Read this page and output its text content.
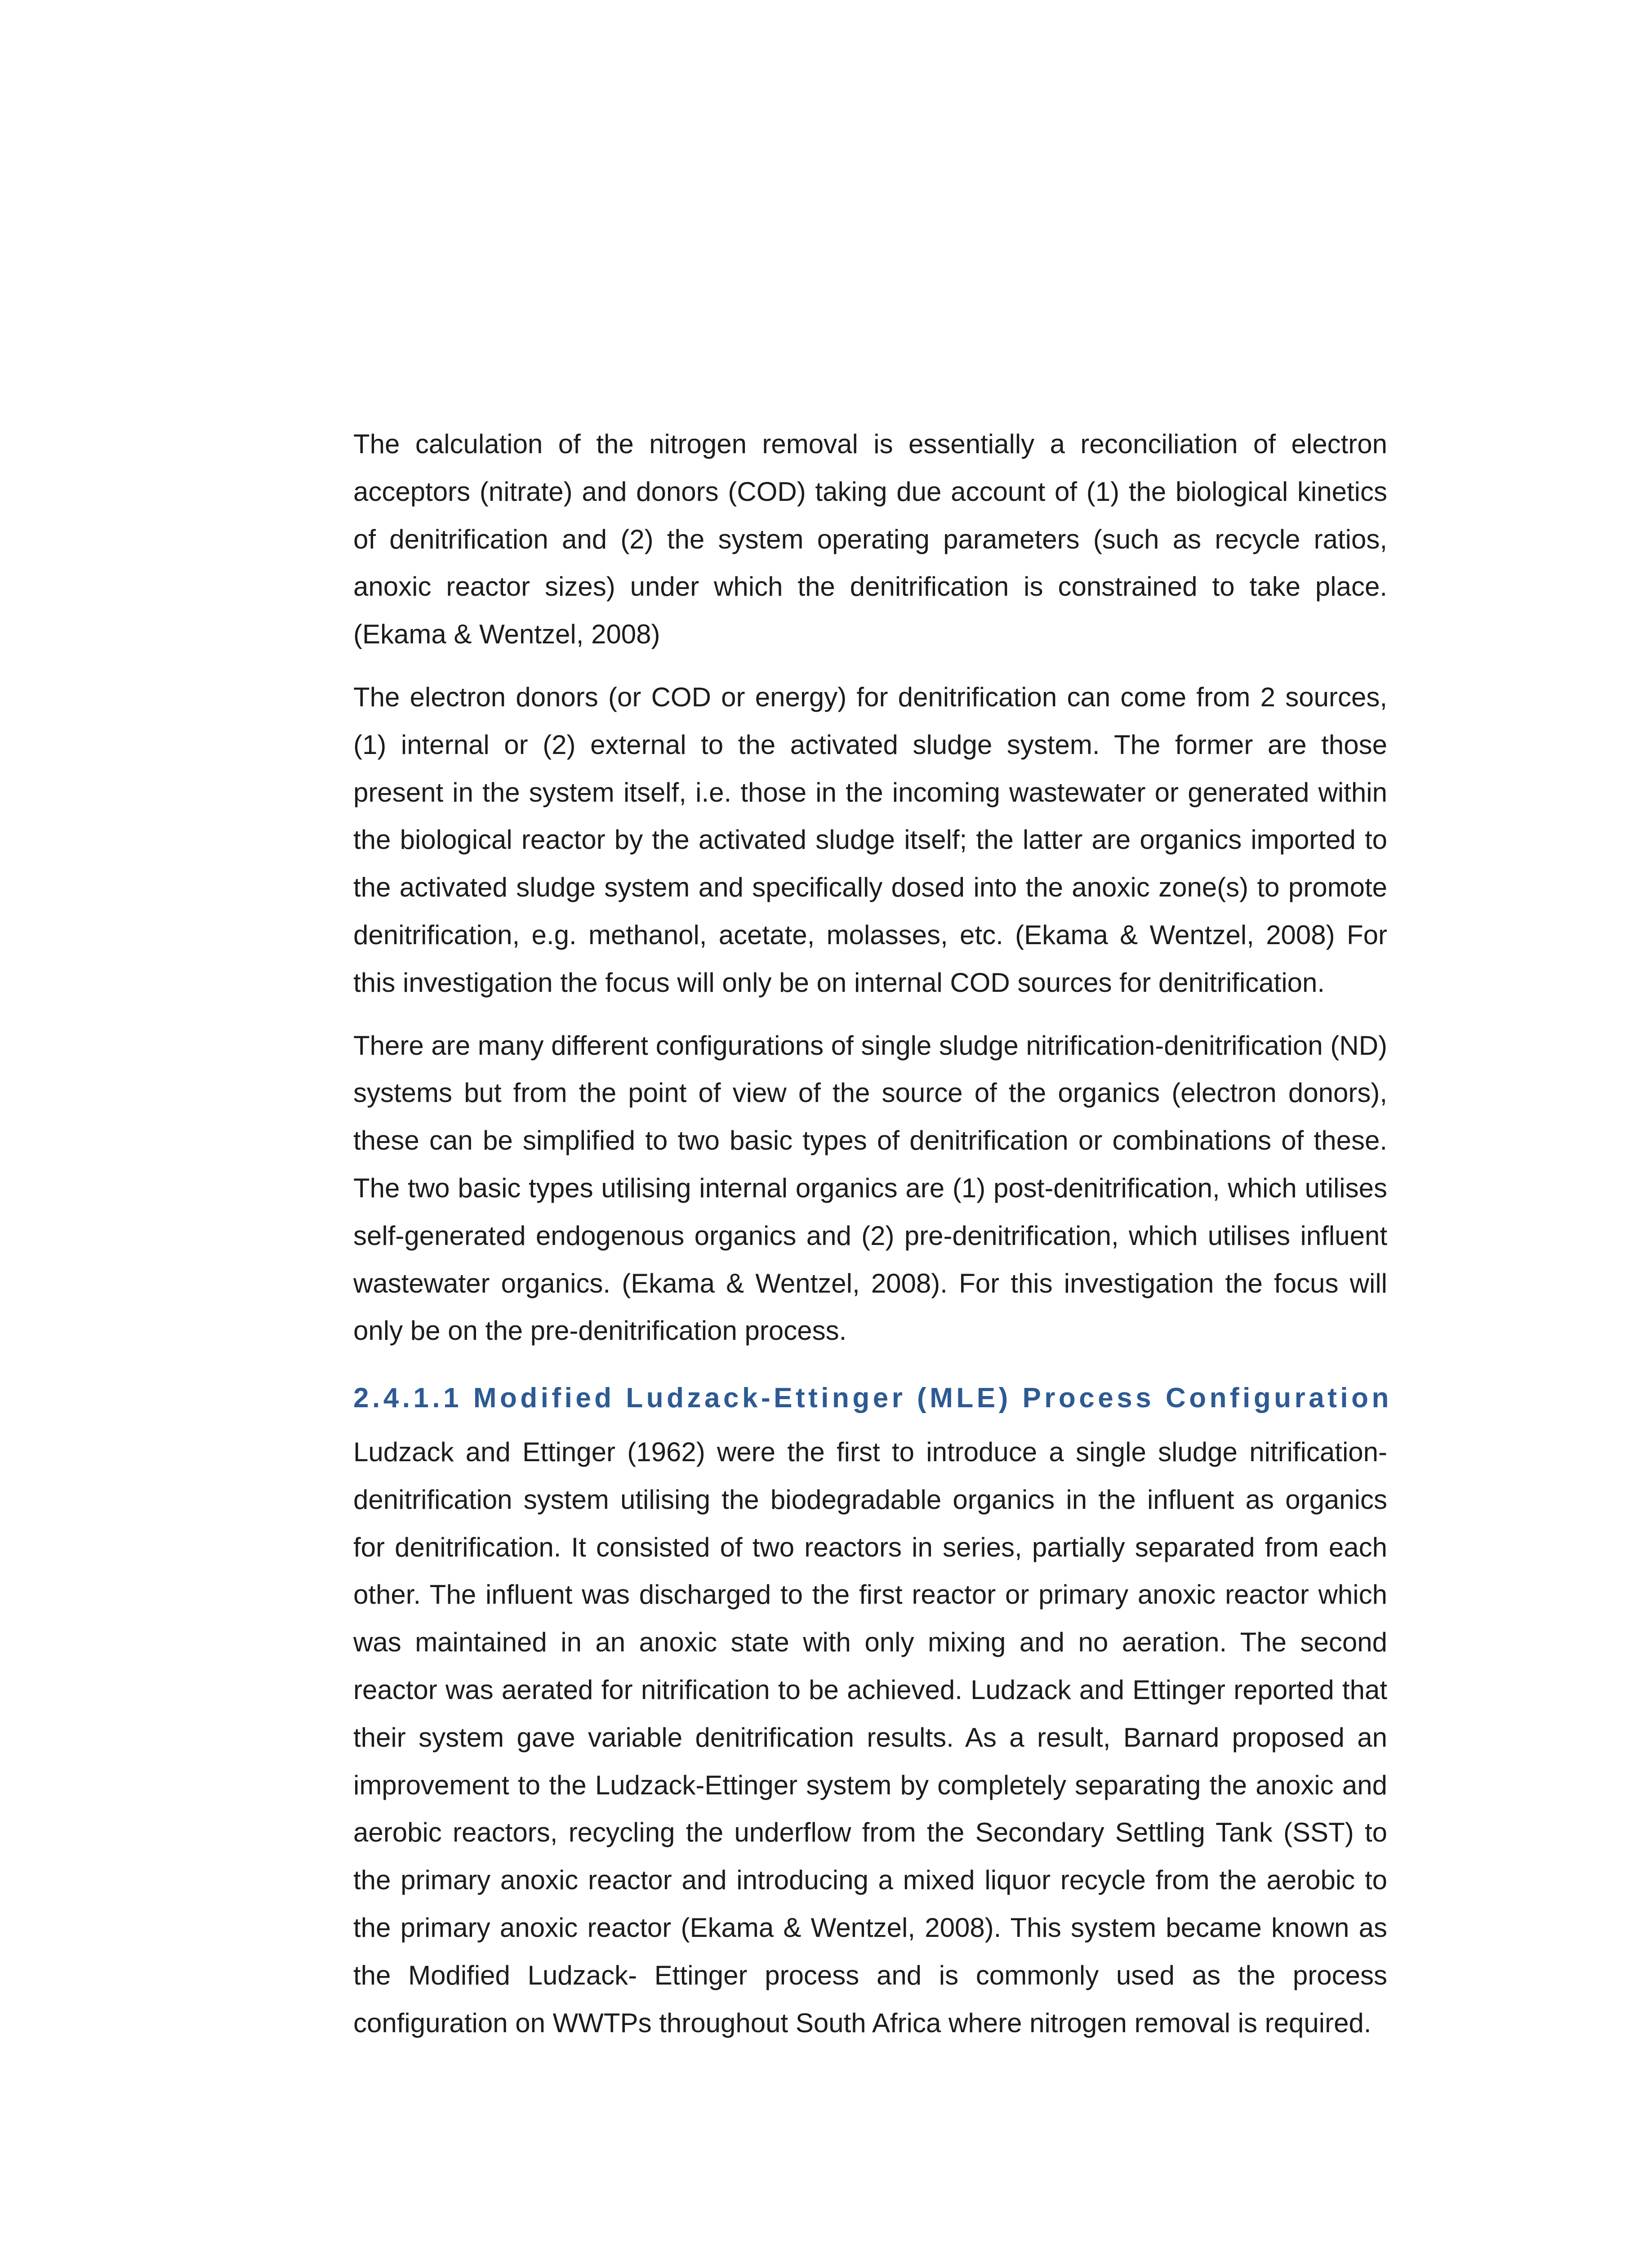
The calculation of the nitrogen removal is essentially a reconciliation of electron acceptors (nitrate) and donors (COD) taking due account of (1) the biological kinetics of denitrification and (2) the system operating parameters (such as recycle ratios, anoxic reactor sizes) under which the denitrification is constrained to take place. (Ekama & Wentzel, 2008)

The electron donors (or COD or energy) for denitrification can come from 2 sources, (1) internal or (2) external to the activated sludge system. The former are those present in the system itself, i.e. those in the incoming wastewater or generated within the biological reactor by the activated sludge itself; the latter are organics imported to the activated sludge system and specifically dosed into the anoxic zone(s) to promote denitrification, e.g. methanol, acetate, molasses, etc. (Ekama & Wentzel, 2008) For this investigation the focus will only be on internal COD sources for denitrification.

There are many different configurations of single sludge nitrification-denitrification (ND) systems but from the point of view of the source of the organics (electron donors), these can be simplified to two basic types of denitrification or combinations of these. The two basic types utilising internal organics are (1) post-denitrification, which utilises self-generated endogenous organics and (2) pre-denitrification, which utilises influent wastewater organics. (Ekama & Wentzel, 2008). For this investigation the focus will only be on the pre-denitrification process.

2.4.1.1 Modified Ludzack-Ettinger (MLE) Process Configuration

Ludzack and Ettinger (1962) were the first to introduce a single sludge nitrification-denitrification system utilising the biodegradable organics in the influent as organics for denitrification. It consisted of two reactors in series, partially separated from each other. The influent was discharged to the first reactor or primary anoxic reactor which was maintained in an anoxic state with only mixing and no aeration. The second reactor was aerated for nitrification to be achieved. Ludzack and Ettinger reported that their system gave variable denitrification results. As a result, Barnard proposed an improvement to the Ludzack-Ettinger system by completely separating the anoxic and aerobic reactors, recycling the underflow from the Secondary Settling Tank (SST) to the primary anoxic reactor and introducing a mixed liquor recycle from the aerobic to the primary anoxic reactor (Ekama & Wentzel, 2008). This system became known as the Modified Ludzack- Ettinger process and is commonly used as the process configuration on WWTPs throughout South Africa where nitrogen removal is required.
